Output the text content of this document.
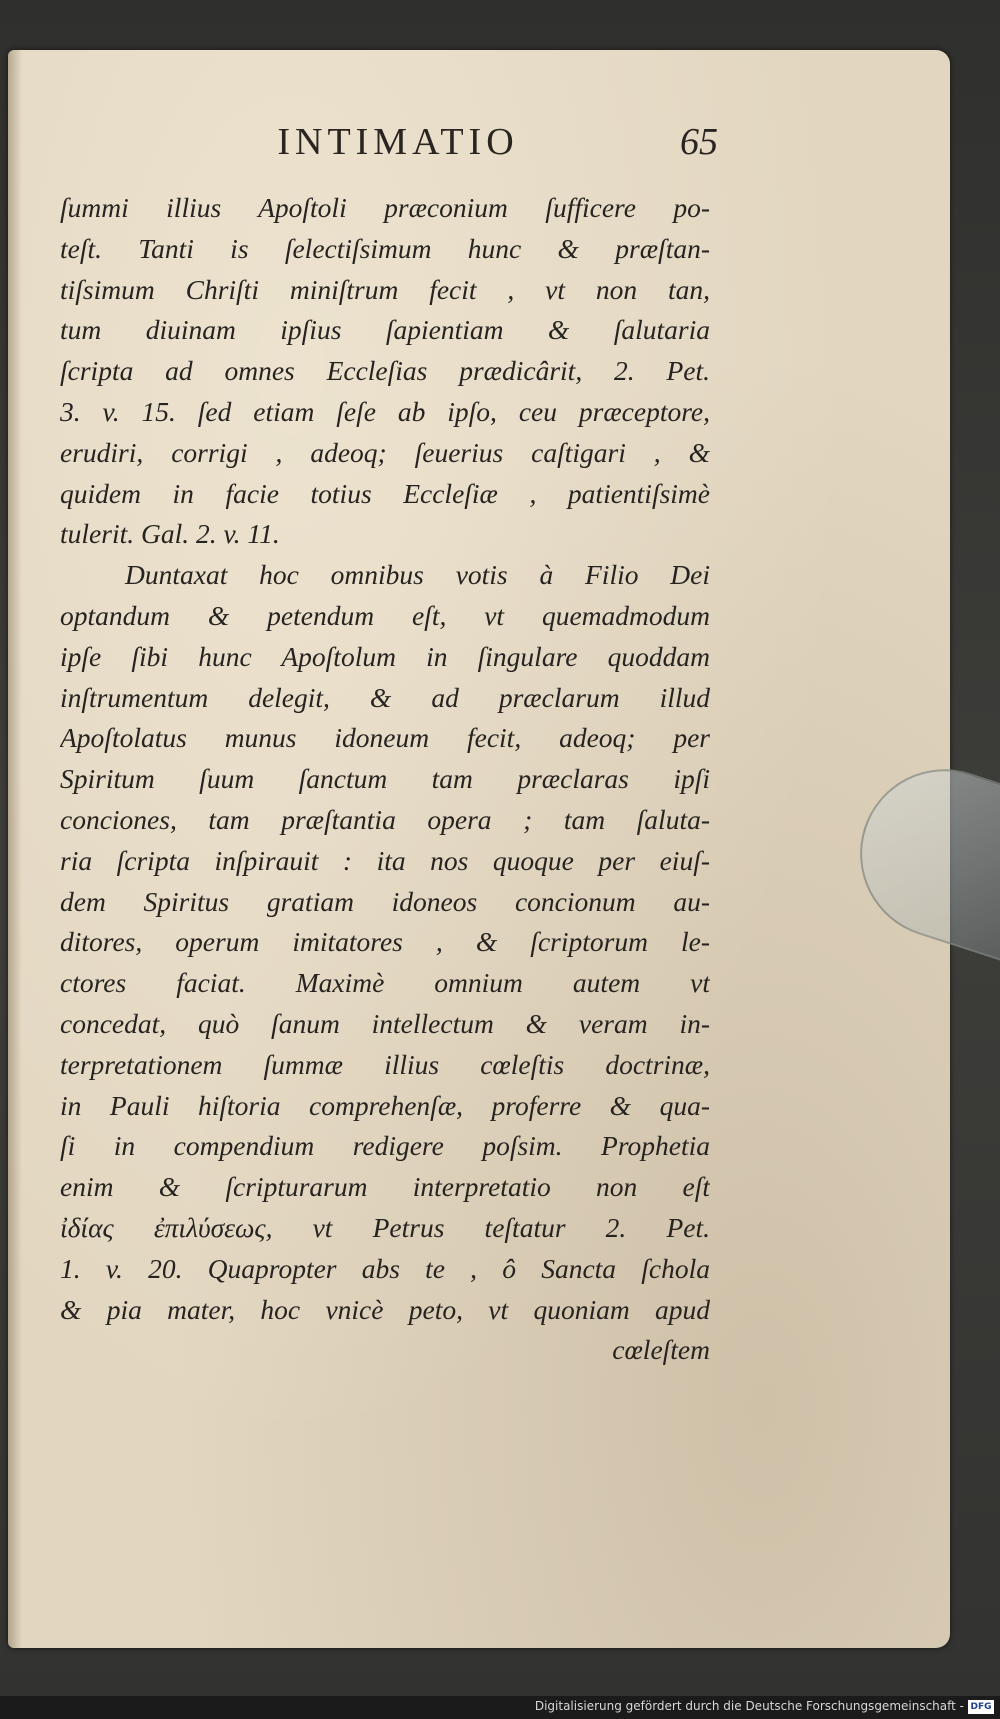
INTIMATIO	65
ſummi illius Apoſtoli præconium ſufficere po-
teſt. Tanti is ſelectiſsimum hunc & præſtan-
tiſsimum Chriſti miniſtrum fecit , vt non tan,
tum diuinam ipſius ſapientiam & ſalutaria
ſcripta ad omnes Eccleſias prædicârit, 2. Pet.
3. v. 15. ſed etiam ſeſe ab ipſo, ceu præceptore,
erudiri, corrigi , adeoq; ſeuerius caſtigari , &
quidem in facie totius Eccleſiæ , patientiſsimè
tulerit. Gal. 2. v. 11.
Duntaxat hoc omnibus votis à Filio Dei
optandum & petendum eſt, vt quemadmodum
ipſe ſibi hunc Apoſtolum in ſingulare quoddam
inſtrumentum delegit, & ad præclarum illud
Apoſtolatus munus idoneum fecit, adeoq; per
Spiritum ſuum ſanctum tam præclaras ipſi
conciones, tam præſtantia opera ; tam ſaluta-
ria ſcripta inſpirauit : ita nos quoque per eiuſ-
dem Spiritus gratiam idoneos concionum au-
ditores, operum imitatores , & ſcriptorum le-
ctores faciat. Maximè omnium autem vt
concedat, quò ſanum intellectum & veram in-
terpretationem ſummæ illius cœleſtis doctrinæ,
in Pauli hiſtoria comprehenſæ, proferre & qua-
ſi in compendium redigere poſsim. Prophetia
enim & ſcripturarum interpretatio non eſt
ἰδίας ἐπιλύσεως, vt Petrus teſtatur 2. Pet.
1. v. 20. Quapropter abs te , ô Sancta ſchola
& pia mater, hoc vnicè peto, vt quoniam apud
cœleſtem
Digitalisierung gefördert durch die Deutsche Forschungsgemeinschaft - DFG
